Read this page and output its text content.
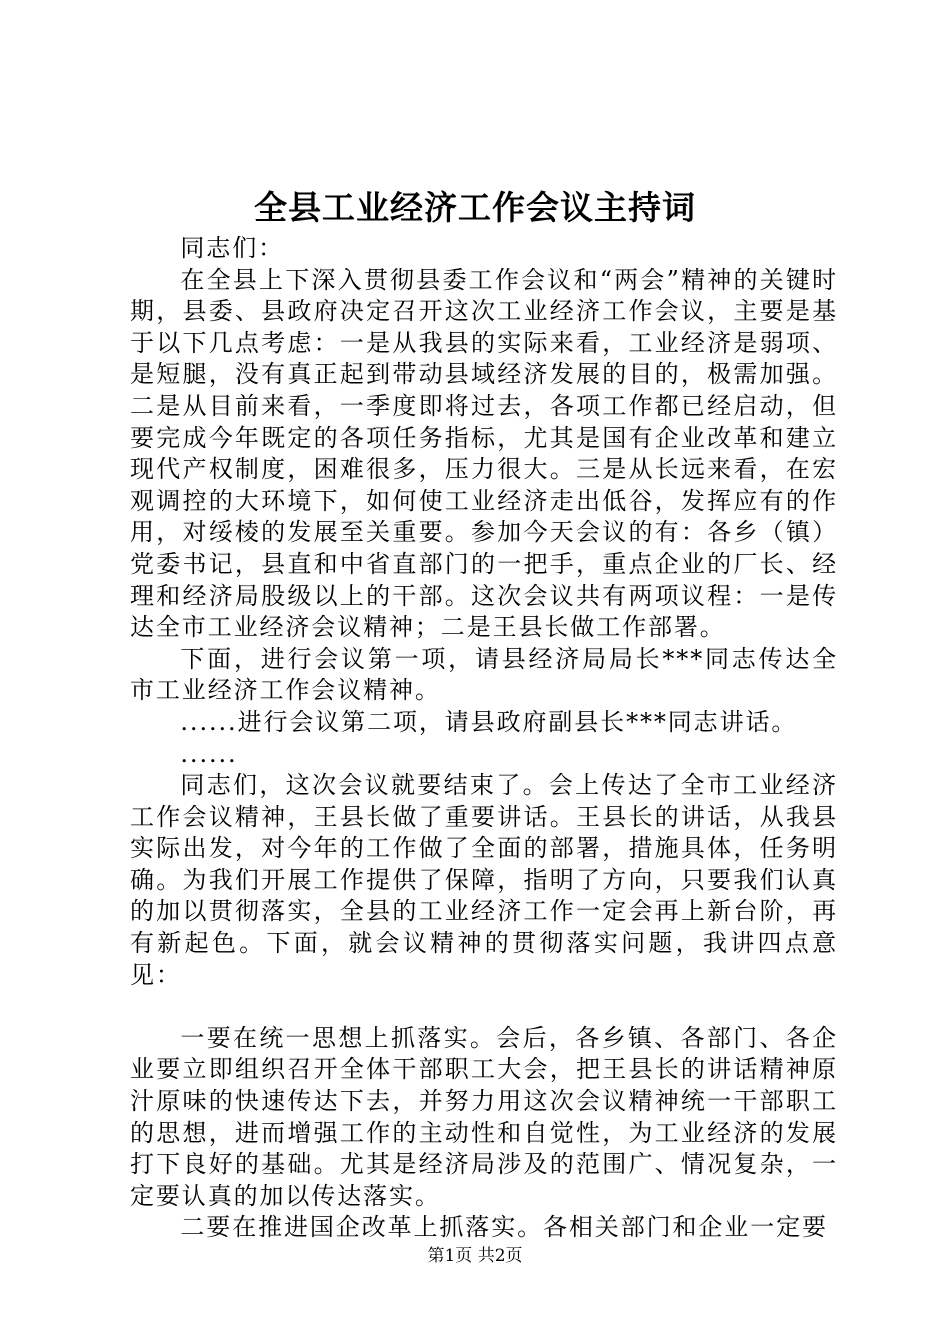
全县工业经济工作会议主持词

同志们：

在全县上下深入贯彻县委工作会议和“两会”精神的关键时期，县委、县政府决定召开这次工业经济工作会议，主要是基于以下几点考虑：一是从我县的实际来看，工业经济是弱项、是短腿，没有真正起到带动县域经济发展的目的，极需加强。二是从目前来看，一季度即将过去，各项工作都已经启动，但要完成今年既定的各项任务指标，尤其是国有企业改革和建立现代产权制度，困难很多，压力很大。三是从长远来看，在宏观调控的大环境下，如何使工业经济走出低谷，发挥应有的作用，对绥棱的发展至关重要。参加今天会议的有：各乡（镇）党委书记，县直和中省直部门的一把手，重点企业的厂长、经理和经济局股级以上的干部。这次会议共有两项议程：一是传达全市工业经济会议精神；二是王县长做工作部署。

下面，进行会议第一项，请县经济局局长***同志传达全市工业经济工作会议精神。

......进行会议第二项，请县政府副县长***同志讲话。

......

同志们，这次会议就要结束了。会上传达了全市工业经济工作会议精神，王县长做了重要讲话。王县长的讲话，从我县实际出发，对今年的工作做了全面的部署，措施具体，任务明确。为我们开展工作提供了保障，指明了方向，只要我们认真的加以贯彻落实，全县的工业经济工作一定会再上新台阶，再有新起色。下面，就会议精神的贯彻落实问题，我讲四点意见：

一要在统一思想上抓落实。会后，各乡镇、各部门、各企业要立即组织召开全体干部职工大会，把王县长的讲话精神原汁原味的快速传达下去，并努力用这次会议精神统一干部职工的思想，进而增强工作的主动性和自觉性，为工业经济的发展打下良好的基础。尤其是经济局涉及的范围广、情况复杂，一定要认真的加以传达落实。

二要在推进国企改革上抓落实。各相关部门和企业一定要

第1页 共2页
